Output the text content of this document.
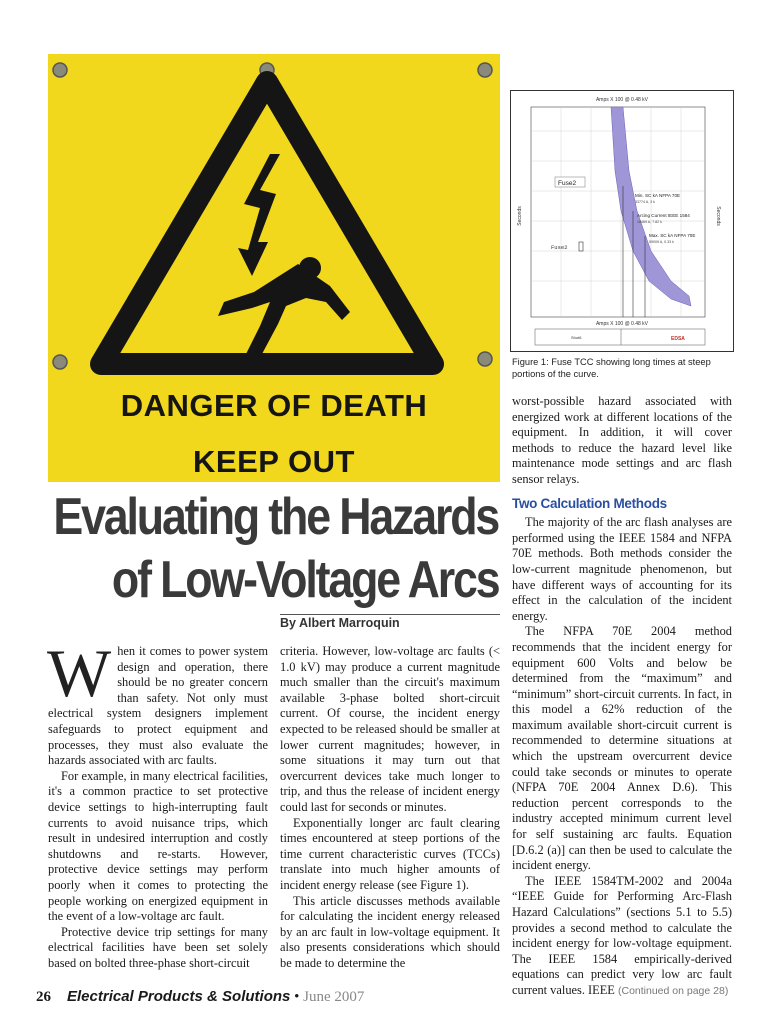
DANGER OF DEATH
KEEP OUT
Amps X 100 @ 0.48 kV
Fuse2
Min. SC kA NFPA 70E
33774 A, 3 k
Arcing Current IEEE 1584
18469 A, 7.82 k
Max. SC kA NFPA 70E
59009 A, 0.33 k
Fuse2
Seconds	Seconds
Amps X 100 @ 0.48 kV
Shot6	EDSA
Figure 1: Fuse TCC showing long times at steep portions of the curve.
Evaluating the Hazards
of Low-Voltage Arcs
By Albert Marroquin

When it comes to power system design and operation, there should be no greater concern than safety. Not only must electrical system designers implement safeguards to protect equipment and processes, they must also evaluate the hazards associated with arc faults.

For example, in many electrical facilities, it's a common practice to set protective device settings to high-interrupting fault currents to avoid nuisance trips, which result in undesired interruption and costly shutdowns and re-starts. However, protective device settings may perform poorly when it comes to protecting the people working on energized equipment in the event of a low-voltage arc fault.

Protective device trip settings for many electrical facilities have been set solely based on bolted three-phase short-circuit

criteria. However, low-voltage arc faults (< 1.0 kV) may produce a current magnitude much smaller than the circuit's maximum available 3-phase bolted short-circuit current. Of course, the incident energy expected to be released should be smaller at lower current magnitudes; however, in some situations it may turn out that overcurrent devices take much longer to trip, and thus the release of incident energy could last for seconds or minutes.

Exponentially longer arc fault clearing times encountered at steep portions of the time current characteristic curves (TCCs) translate into much higher amounts of incident energy release (see Figure 1).

This article discusses methods available for calculating the incident energy released by an arc fault in low-voltage equipment. It also presents considerations which should be made to determine the

worst-possible hazard associated with energized work at different locations of the equipment. In addition, it will cover methods to reduce the hazard level like maintenance mode settings and arc flash sensor relays.

Two Calculation Methods

The majority of the arc flash analyses are performed using the IEEE 1584 and NFPA 70E methods. Both methods consider the low-current magnitude phenomenon, but have different ways of accounting for its effect in the calculation of the incident energy.

The NFPA 70E 2004 method recommends that the incident energy for equipment 600 Volts and below be determined from the “maximum” and “minimum” short-circuit currents. In fact, in this model a 62% reduction of the maximum available short-circuit current is recommended to determine situations at which the upstream overcurrent device could take seconds or minutes to operate (NFPA 70E 2004 Annex D.6). This reduction percent corresponds to the industry accepted minimum current level for self sustaining arc faults. Equation [D.6.2 (a)] can then be used to calculate the incident energy.

The IEEE 1584TM-2002 and 2004a “IEEE Guide for Performing Arc-Flash Hazard Calculations” (sections 5.1 to 5.5) provides a second method to calculate the incident energy for low-voltage equipment. The IEEE 1584 empirically-derived equations can predict very low arc fault current values. IEEE (Continued on page 28)

26 Electrical Products & Solutions • June 2007
